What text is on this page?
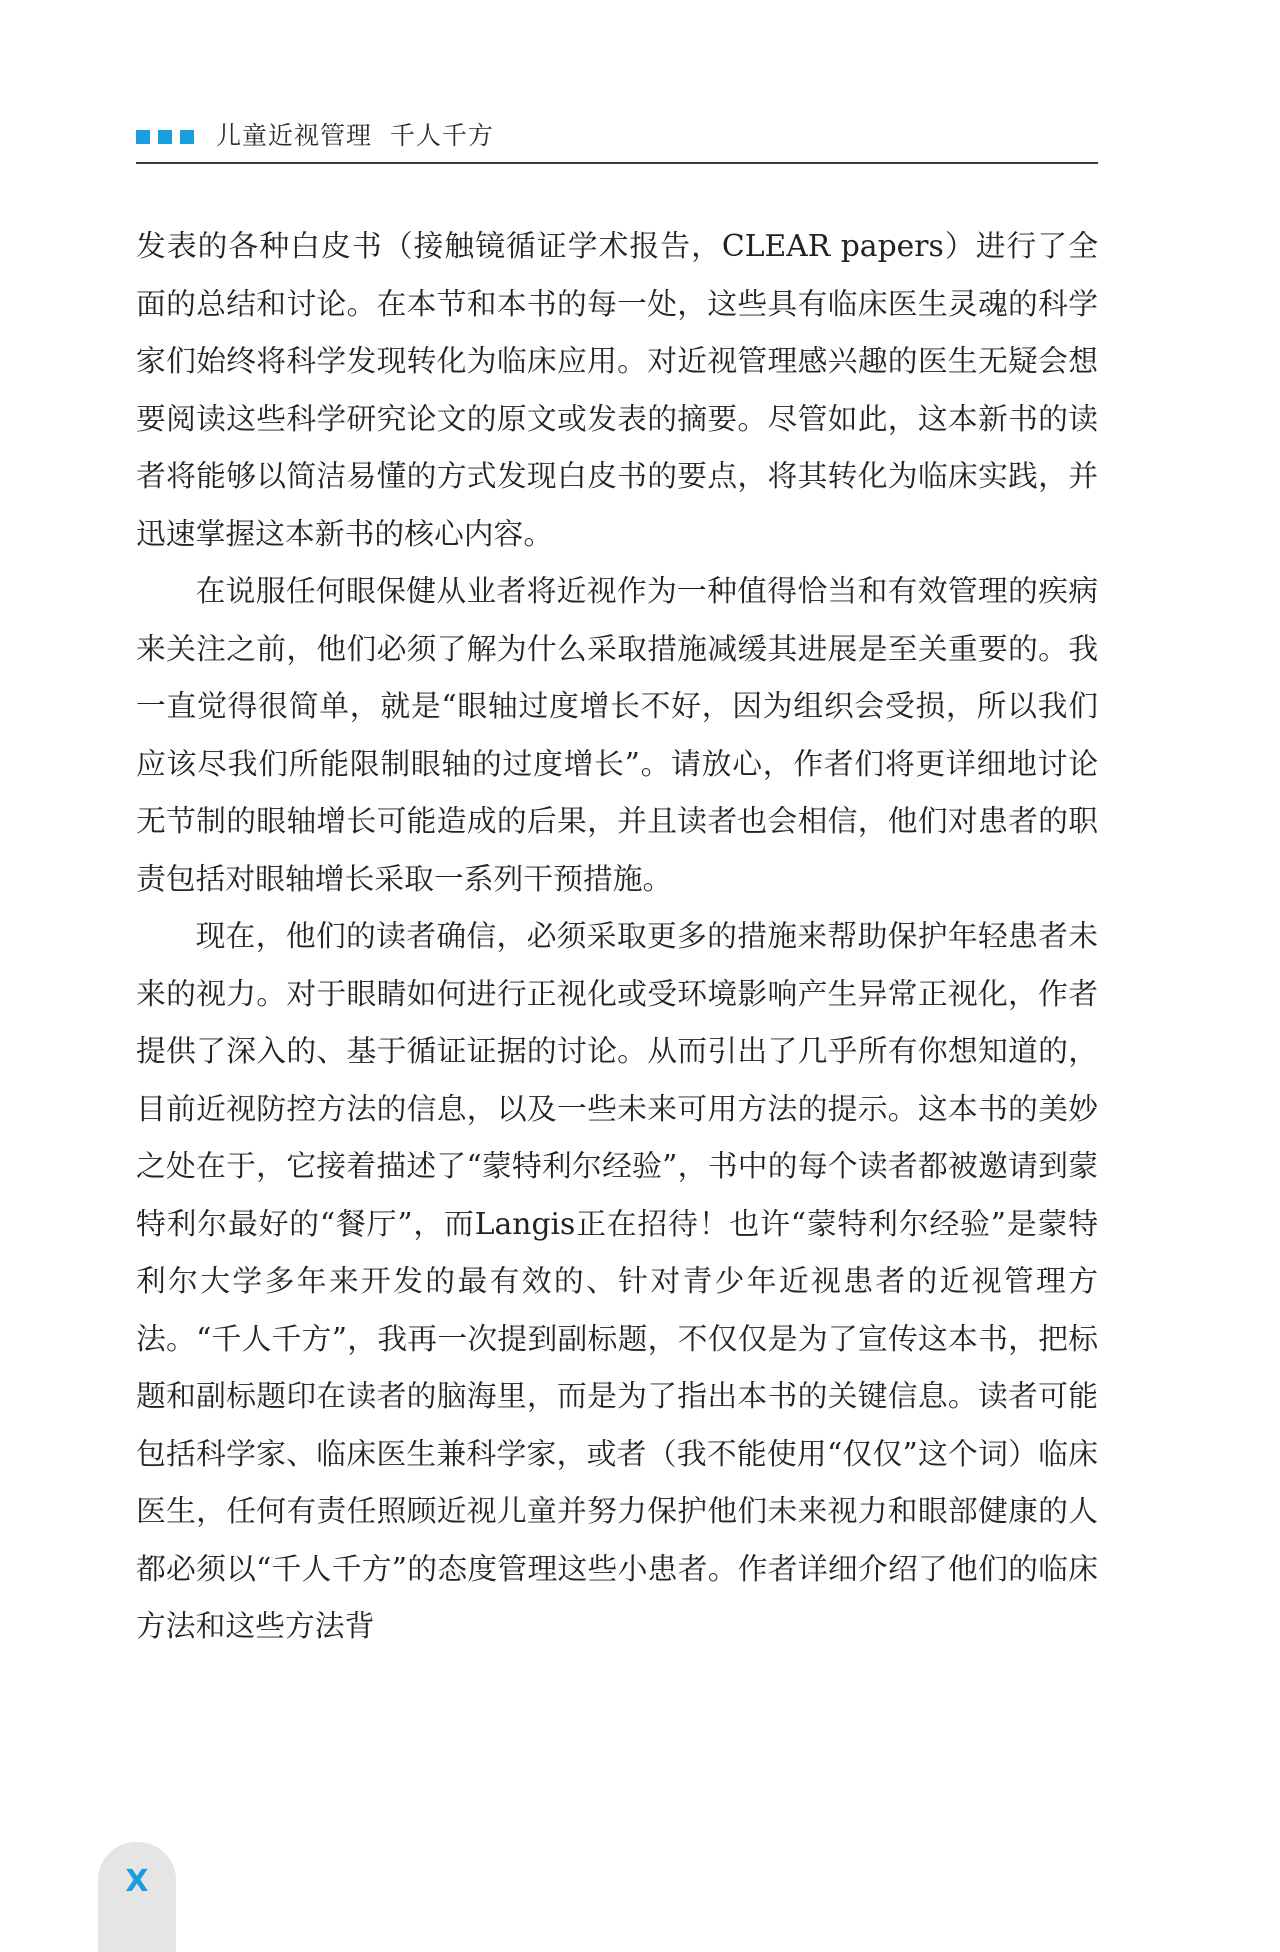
儿童近视管理  千人千方

发表的各种白皮书（接触镜循证学术报告，CLEAR papers）进行了全面的总结和讨论。在本节和本书的每一处，这些具有临床医生灵魂的科学家们始终将科学发现转化为临床应用。对近视管理感兴趣的医生无疑会想要阅读这些科学研究论文的原文或发表的摘要。尽管如此，这本新书的读者将能够以简洁易懂的方式发现白皮书的要点，将其转化为临床实践，并迅速掌握这本新书的核心内容。

在说服任何眼保健从业者将近视作为一种值得恰当和有效管理的疾病来关注之前，他们必须了解为什么采取措施减缓其进展是至关重要的。我一直觉得很简单，就是“眼轴过度增长不好，因为组织会受损，所以我们应该尽我们所能限制眼轴的过度增长”。请放心，作者们将更详细地讨论无节制的眼轴增长可能造成的后果，并且读者也会相信，他们对患者的职责包括对眼轴增长采取一系列干预措施。

现在，他们的读者确信，必须采取更多的措施来帮助保护年轻患者未来的视力。对于眼睛如何进行正视化或受环境影响产生异常正视化，作者提供了深入的、基于循证证据的讨论。从而引出了几乎所有你想知道的，目前近视防控方法的信息，以及一些未来可用方法的提示。这本书的美妙之处在于，它接着描述了“蒙特利尔经验”，书中的每个读者都被邀请到蒙特利尔最好的“餐厅”，而Langis正在招待！也许“蒙特利尔经验”是蒙特利尔大学多年来开发的最有效的、针对青少年近视患者的近视管理方法。“千人千方”，我再一次提到副标题，不仅仅是为了宣传这本书，把标题和副标题印在读者的脑海里，而是为了指出本书的关键信息。读者可能包括科学家、临床医生兼科学家，或者（我不能使用“仅仅”这个词）临床医生，任何有责任照顾近视儿童并努力保护他们未来视力和眼部健康的人都必须以“千人千方”的态度管理这些小患者。作者详细介绍了他们的临床方法和这些方法背

X
